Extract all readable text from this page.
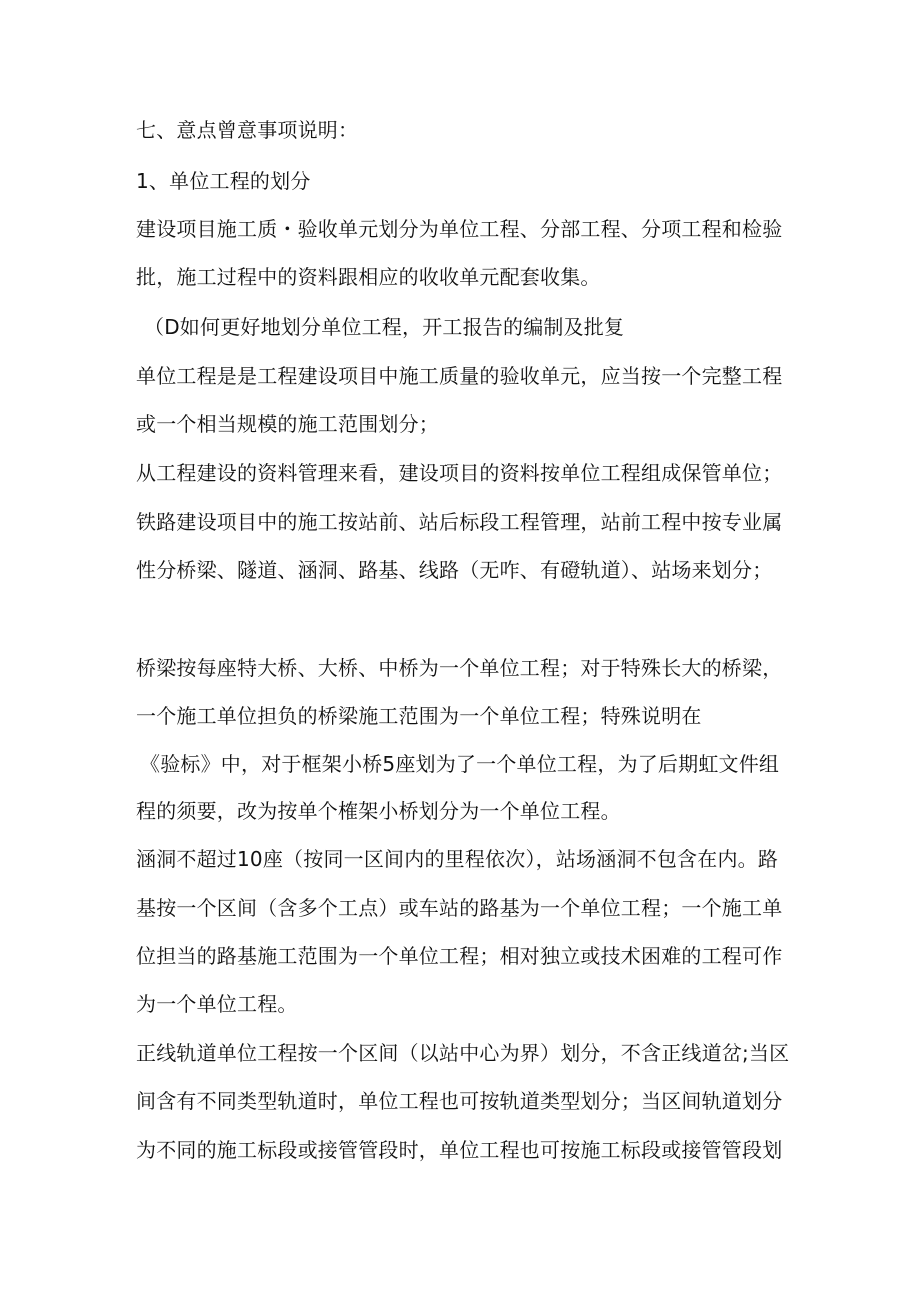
七、意点曾意事项说明：
1、单位工程的划分
建设项目施工质・验收单元划分为单位工程、分部工程、分项工程和检验
批，施工过程中的资料跟相应的收收单元配套收集。
（D如何更好地划分单位工程，开工报告的编制及批复
单位工程是是工程建设项目中施工质量的验收单元，应当按一个完整工程
或一个相当规模的施工范围划分；
从工程建设的资料管理来看，建设项目的资料按单位工程组成保管单位；
铁路建设项目中的施工按站前、站后标段工程管理，站前工程中按专业属
性分桥梁、隧道、涵洞、路基、线路（无咋、有磴轨道）、站场来划分；
桥梁按每座特大桥、大桥、中桥为一个单位工程；对于特殊长大的桥梁，
一个施工单位担负的桥梁施工范围为一个单位工程；特殊说明在
《验标》中，对于框架小桥5座划为了一个单位工程，为了后期虹文件组
程的须要，改为按单个榷架小桥划分为一个单位工程。
涵洞不超过10座（按同一区间内的里程依次），站场涵洞不包含在内。路
基按一个区间（含多个工点）或车站的路基为一个单位工程；一个施工单
位担当的路基施工范围为一个单位工程；相对独立或技术困难的工程可作
为一个单位工程。
正线轨道单位工程按一个区间（以站中心为界）划分，不含正线道岔;当区
间含有不同类型轨道时，单位工程也可按轨道类型划分；当区间轨道划分
为不同的施工标段或接管管段时，单位工程也可按施工标段或接管管段划
